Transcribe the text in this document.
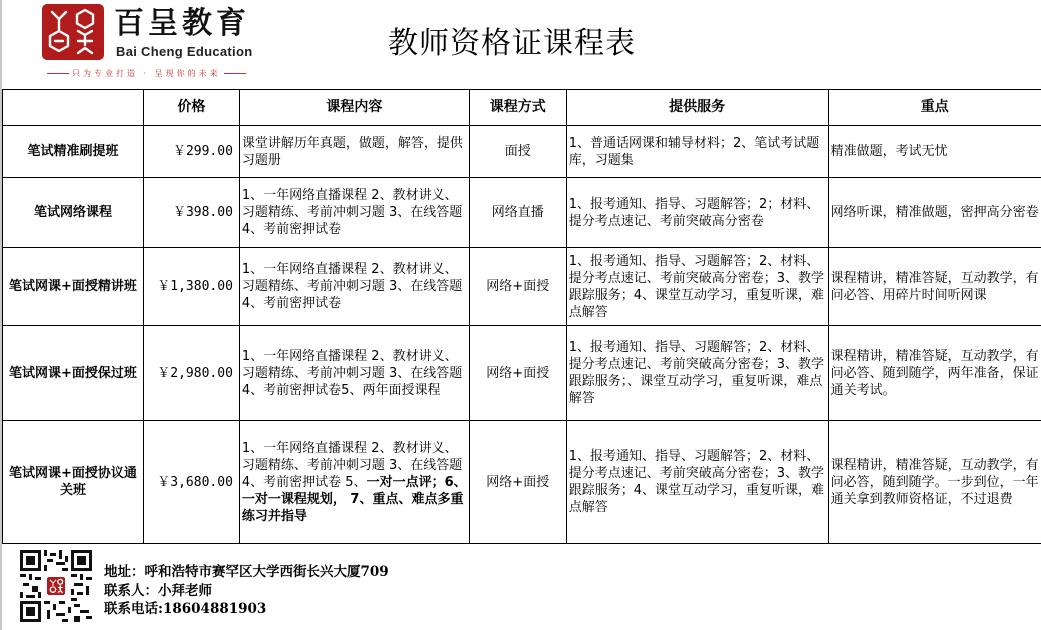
百呈教育
Bai Cheng Education
只为专业打造 · 呈现你的未来
教师资格证课程表
	价格	课程内容	课程方式	提供服务	重点
笔试精准刷提班	￥299.00	课堂讲解历年真题，做题，解答，提供习题册	面授	1、普通话网课和辅导材料；2、笔试考试题库，习题集	精准做题，考试无忧
笔试网络课程	￥398.00	1、一年网络直播课程 2、教材讲义、习题精练、考前冲刺习题 3、在线答题4、考前密押试卷	网络直播	1、报考通知、指导、习题解答；2；材料、提分考点速记、考前突破高分密卷	网络听课，精准做题，密押高分密卷
笔试网课+面授精讲班	￥1,380.00	1、一年网络直播课程 2、教材讲义、习题精练、考前冲刺习题 3、在线答题4、考前密押试卷	网络+面授	1、报考通知、指导、习题解答；2、材料、提分考点速记、考前突破高分密卷；3、教学跟踪服务；4、课堂互动学习，重复听课，难点解答	课程精讲，精准答疑，互动教学，有问必答、用碎片时间听网课
笔试网课+面授保过班	￥2,980.00	1、一年网络直播课程 2、教材讲义、习题精练、考前冲刺习题 3、在线答题 4、考前密押试卷5、两年面授课程	网络+面授	1、报考通知、指导、习题解答；2、材料、提分考点速记、考前突破高分密卷；3、教学跟踪服务；、课堂互动学习，重复听课，难点解答	课程精讲，精准答疑，互动教学，有问必答、随到随学，两年准备，保证通关考试。
笔试网课+面授协议通关班	￥3,680.00	1、一年网络直播课程 2、教材讲义、习题精练、考前冲刺习题 3、在线答题 4、考前密押试卷 5、一对一点评；6、一对一课程规划， 7、重点、难点多重练习并指导	网络+面授	1、报考通知、指导、习题解答；2、材料、提分考点速记、考前突破高分密卷；3、教学跟踪服务；4、课堂互动学习，重复听课，难点解答	课程精讲，精准答疑，互动教学，有问必答，随到随学。一步到位，一年通关拿到教师资格证，不过退费
地址：呼和浩特市赛罕区大学西街长兴大厦709
联系人：小拜老师
联系电话:18604881903
